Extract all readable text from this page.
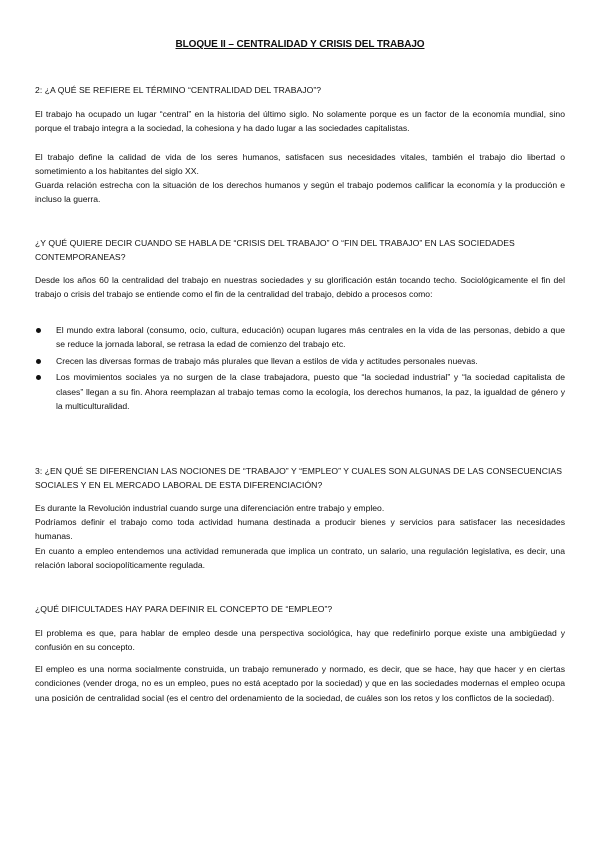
BLOQUE II – CENTRALIDAD Y CRISIS DEL TRABAJO
2: ¿A QUÉ SE REFIERE EL TÉRMINO “CENTRALIDAD DEL TRABAJO”?
El trabajo ha ocupado un lugar “central” en la historia del último siglo. No solamente porque es un factor de la economía mundial, sino porque el trabajo integra a la sociedad, la cohesiona y ha dado lugar a las sociedades capitalistas.
El trabajo define la calidad de vida de los seres humanos, satisfacen sus necesidades vitales, también el trabajo dio libertad o sometimiento a los habitantes del siglo XX.
Guarda relación estrecha con la situación de los derechos humanos y según el trabajo podemos calificar la economía y la producción e incluso la guerra.
¿Y QUÉ QUIERE DECIR CUANDO SE HABLA DE “CRISIS DEL TRABAJO” O “FIN DEL TRABAJO” EN LAS SOCIEDADES CONTEMPORANEAS?
Desde los años 60 la centralidad del trabajo en nuestras sociedades y su glorificación están tocando techo. Sociológicamente el fin del trabajo o crisis del trabajo se entiende como el fin de la centralidad del trabajo, debido a procesos como:
El mundo extra laboral (consumo, ocio, cultura, educación) ocupan lugares más centrales en la vida de las personas, debido a que se reduce la jornada laboral, se retrasa la edad de comienzo del trabajo etc.
Crecen las diversas formas de trabajo más plurales que llevan a estilos de vida y actitudes personales nuevas.
Los movimientos sociales ya no surgen de la clase trabajadora, puesto que “la sociedad industrial” y “la sociedad capitalista de clases” llegan a su fin. Ahora reemplazan al trabajo temas como la ecología, los derechos humanos, la paz, la igualdad de género y la multiculturalidad.
3: ¿EN QUÉ SE DIFERENCIAN LAS NOCIONES DE “TRABAJO” Y “EMPLEO” Y CUALES SON ALGUNAS DE LAS CONSECUENCIAS SOCIALES Y EN EL MERCADO LABORAL DE ESTA DIFERENCIACIÓN?
Es durante la Revolución industrial cuando surge una diferenciación entre trabajo y empleo.
Podríamos definir el trabajo como toda actividad humana destinada a producir bienes y servicios para satisfacer las necesidades humanas.
En cuanto a empleo entendemos una actividad remunerada que implica un contrato, un salario, una regulación legislativa, es decir, una relación laboral sociopolíticamente regulada.
¿QUÉ DIFICULTADES HAY PARA DEFINIR EL CONCEPTO DE “EMPLEO”?
El problema es que, para hablar de empleo desde una perspectiva sociológica, hay que redefinirlo porque existe una ambigüedad y confusión en su concepto.
El empleo es una norma socialmente construida, un trabajo remunerado y normado, es decir, que se hace, hay que hacer y en ciertas condiciones (vender droga, no es un empleo, pues no está aceptado por la sociedad) y que en las sociedades modernas el empleo ocupa una posición de centralidad social (es el centro del ordenamiento de la sociedad, de cuáles son los retos y los conflictos de la sociedad).
